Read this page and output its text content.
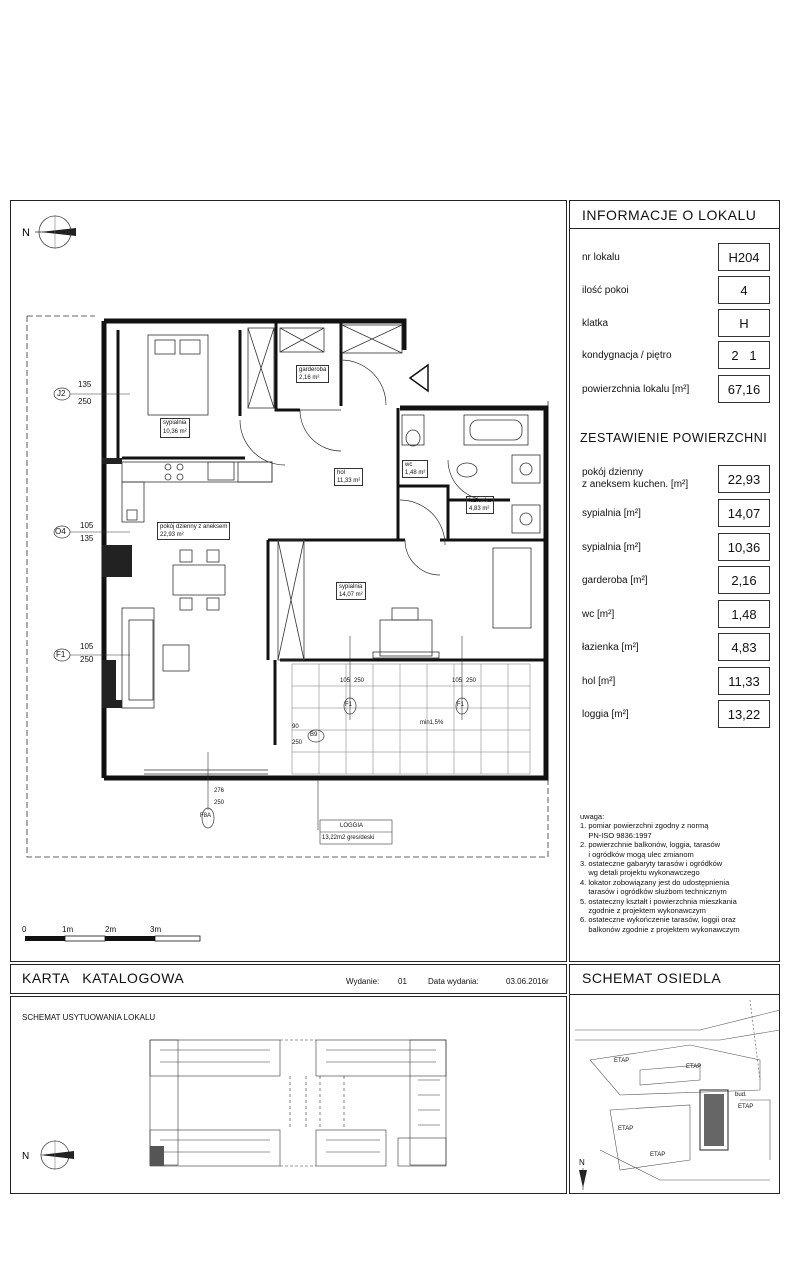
INFORMACJE O LOKALU
nr lokalu	H204
ilość pokoi	4
klatka	H
kondygnacja / piętro	2   1
powierzchnia lokalu [m²]	67,16
ZESTAWIENIE POWIERZCHNI
pokój dzienny
z aneksem kuchen. [m²]	22,93
sypialnia [m²]	14,07
sypialnia [m²]	10,36
garderoba [m²]	2,16
wc [m²]	1,48
łazienka [m²]	4,83
hol [m²]	11,33
loggia [m²]	13,22
uwaga:
1. pomiar powierzchni zgodny z normą
PN-ISO 9836:1997
2. powierzchnie balkonów, loggia, tarasów
i ogródków mogą ulec zmianom
3. ostateczne gabaryty tarasów i ogródków
wg detali projektu wykonawczego
4. lokator zobowiązany jest do udostępnienia
tarasów i ogródków służbom technicznym
5. ostateczny kształt i powierzchnia mieszkania
zgodnie z projektem wykonawczym
6. ostateczne wykończenie tarasów, loggii oraz
balkonów zgodnie z projektem wykonawczym
N
sypialnia
10,36 m²
garderoba
2,16 m²
hol
11,33 m²
wc
1,48 m²
łazienka
4,83 m²
pokój dzienny z aneksem
22,93 m²
sypialnia
14,07 m²
J2
135
250
O4
105
135
F1
105
250
F1
105 250
F1
105 250
B9
90
250
F8A
276
250
min1,5%
LOGGIA
13,22m2 gres/deski
0	1m	2m	3m
KARTA   KATALOGOWA	Wydanie: 01	Data wydania:	03.06.2016r SCHEMAT OSIEDLA
SCHEMAT USYTUOWANIA LOKALU
N
ETAP
ETAP
ETAP
bud.
ETAP
ETAP
N
